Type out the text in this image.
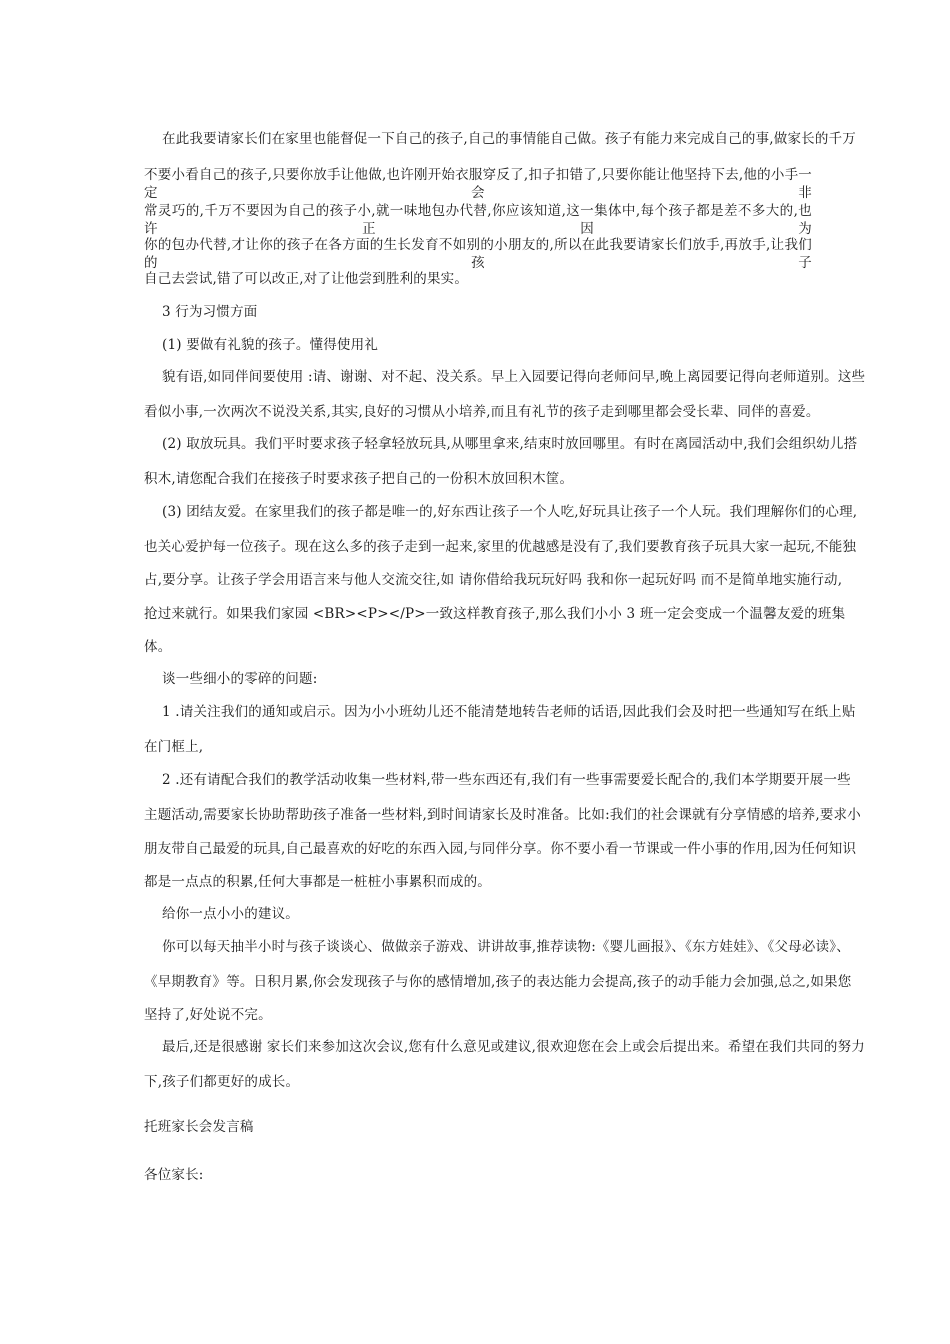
在此我要请家长们在家里也能督促一下自己的孩子,自己的事情能自己做。孩子有能力来完成自己的事,做家长的千万
不要小看自己的孩子,只要你放手让他做,也许刚开始衣服穿反了,扣子扣错了,只要你能让他坚持下去,他的小手一定会非
常灵巧的,千万不要因为自己的孩子小,就一味地包办代替,你应该知道,这一集体中,每个孩子都是差不多大的,也许正因为
你的包办代替,才让你的孩子在各方面的生长发育不如别的小朋友的,所以在此我要请家长们放手,再放手,让我们的孩子
自己去尝试,错了可以改正,对了让他尝到胜利的果实。
3 行为习惯方面
(1) 要做有礼貌的孩子。懂得使用礼
貌有语,如同伴间要使用 :请、谢谢、对不起、没关系。早上入园要记得向老师问早,晚上离园要记得向老师道别。这些
看似小事,一次两次不说没关系,其实,良好的习惯从小培养,而且有礼节的孩子走到哪里都会受长辈、同伴的喜爱。
(2) 取放玩具。我们平时要求孩子轻拿轻放玩具,从哪里拿来,结束时放回哪里。有时在离园活动中,我们会组织幼儿搭
积木,请您配合我们在接孩子时要求孩子把自己的一份积木放回积木筐。
(3) 团结友爱。在家里我们的孩子都是唯一的,好东西让孩子一个人吃,好玩具让孩子一个人玩。我们理解你们的心理,
也关心爱护每一位孩子。现在这么多的孩子走到一起来,家里的优越感是没有了,我们要教育孩子玩具大家一起玩,不能独
占,要分享。让孩子学会用语言来与他人交流交往,如 请你借给我玩玩好吗 我和你一起玩好吗 而不是简单地实施行动,
抢过来就行。如果我们家园 <BR><P></P>一致这样教育孩子,那么我们小小 3 班一定会变成一个温馨友爱的班集
体。
谈一些细小的零碎的问题:
1 .请关注我们的通知或启示。因为小小班幼儿还不能清楚地转告老师的话语,因此我们会及时把一些通知写在纸上贴
在门框上,
2 .还有请配合我们的教学活动收集一些材料,带一些东西还有,我们有一些事需要爱长配合的,我们本学期要开展一些
主题活动,需要家长协助帮助孩子准备一些材料,到时间请家长及时准备。比如:我们的社会课就有分享情感的培养,要求小
朋友带自己最爱的玩具,自己最喜欢的好吃的东西入园,与同伴分享。你不要小看一节课或一件小事的作用,因为任何知识
都是一点点的积累,任何大事都是一桩桩小事累积而成的。
给你一点小小的建议。
你可以每天抽半小时与孩子谈谈心、做做亲子游戏、讲讲故事,推荐读物:《婴儿画报》、《东方娃娃》、《父母必读》、
《早期教育》等。日积月累,你会发现孩子与你的感情增加,孩子的表达能力会提高,孩子的动手能力会加强,总之,如果您
坚持了,好处说不完。
最后,还是很感谢 家长们来参加这次会议,您有什么意见或建议,很欢迎您在会上或会后提出来。希望在我们共同的努力
下,孩子们都更好的成长。
托班家长会发言稿
各位家长:
